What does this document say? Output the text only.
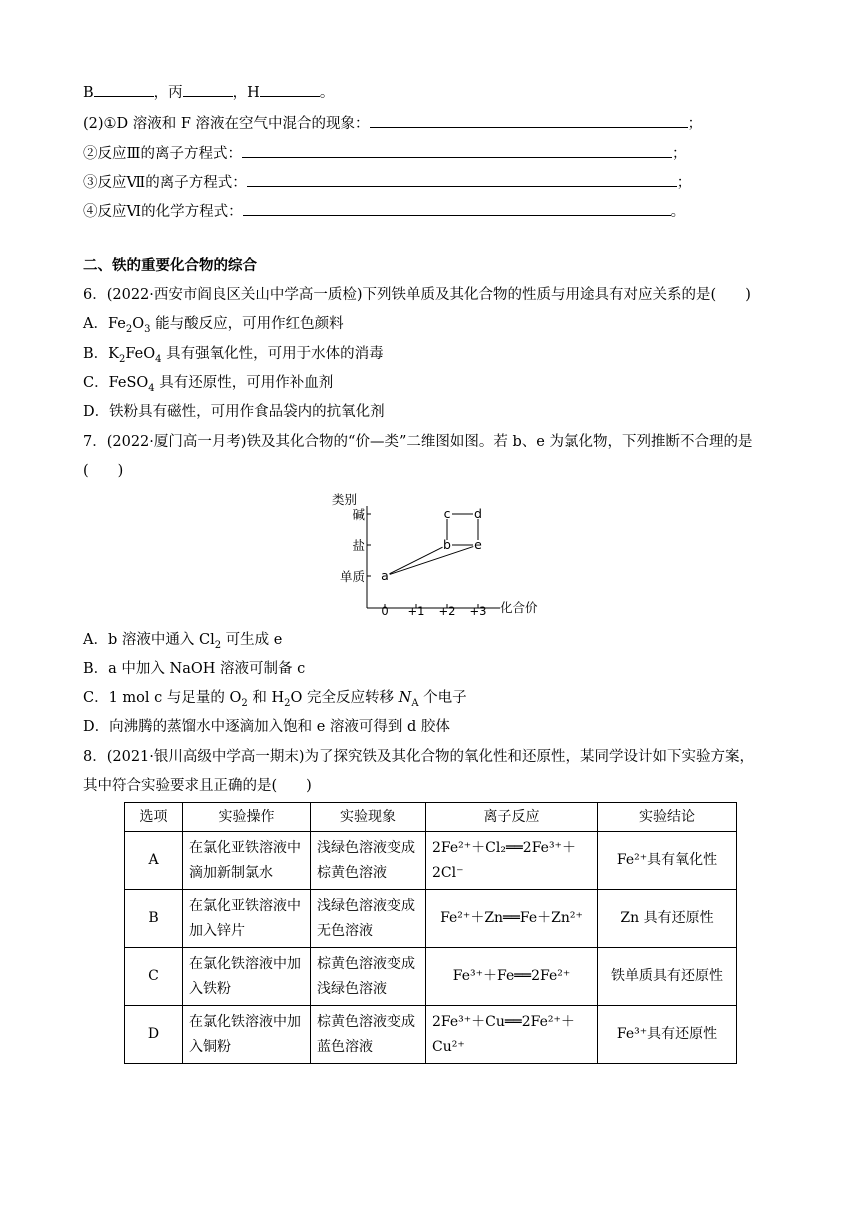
B	，丙	，H	。
(2)①D 溶液和 F 溶液在空气中混合的现象：	；
②反应Ⅲ的离子方程式：	；
③反应Ⅶ的离子方程式：	；
④反应Ⅵ的化学方程式：	。
二、铁的重要化合物的综合
6．(2022·西安市阎良区关山中学高一质检)下列铁单质及其化合物的性质与用途具有对应关系的是(　　)
A．$Fe_2O_3$ 能与酸反应，可用作红色颜料
B．$K_2FeO_4$ 具有强氧化性，可用于水体的消毒
C．FeSO$_4$ 具有还原性，可用作补血剂
D．铁粉具有磁性，可用作食品袋内的抗氧化剂
7．(2022·厦门高一月考)铁及其化合物的“价—类”二维图如图。若 b、e 为氯化物，下列推断不合理的是
(　　)
类别
化合价
单质
盐
碱
0 +1 +2 +3
a
b
c d
e
A．b 溶液中通入 $Cl_2$ 可生成 e
B．a 中加入 NaOH 溶液可制备 c
C．1 mol c 与足量的 $O_2$ 和 $H_2O$ 完全反应转移 $N_A$ 个电子
D．向沸腾的蒸馏水中逐滴加入饱和 e 溶液可得到 d 胶体
8．(2021·银川高级中学高一期末)为了探究铁及其化合物的氧化性和还原性，某同学设计如下实验方案，
其中符合实验要求且正确的是(　　)
选项	实验操作	实验现象	离子反应	实验结论
A	在氯化亚铁溶液中滴加新制氯水	浅绿色溶液变成棕黄色溶液	2Fe²⁺＋Cl₂══2Fe³⁺＋2Cl⁻	Fe²⁺具有氧化性
B	在氯化亚铁溶液中加入锌片	浅绿色溶液变成无色溶液	Fe²⁺＋Zn══Fe＋Zn²⁺	Zn 具有还原性
C	在氯化铁溶液中加入铁粉	棕黄色溶液变成浅绿色溶液	Fe³⁺＋Fe══2Fe²⁺	铁单质具有还原性
D	在氯化铁溶液中加入铜粉	棕黄色溶液变成蓝色溶液	2Fe³⁺＋Cu══2Fe²⁺＋Cu²⁺	Fe³⁺具有还原性
